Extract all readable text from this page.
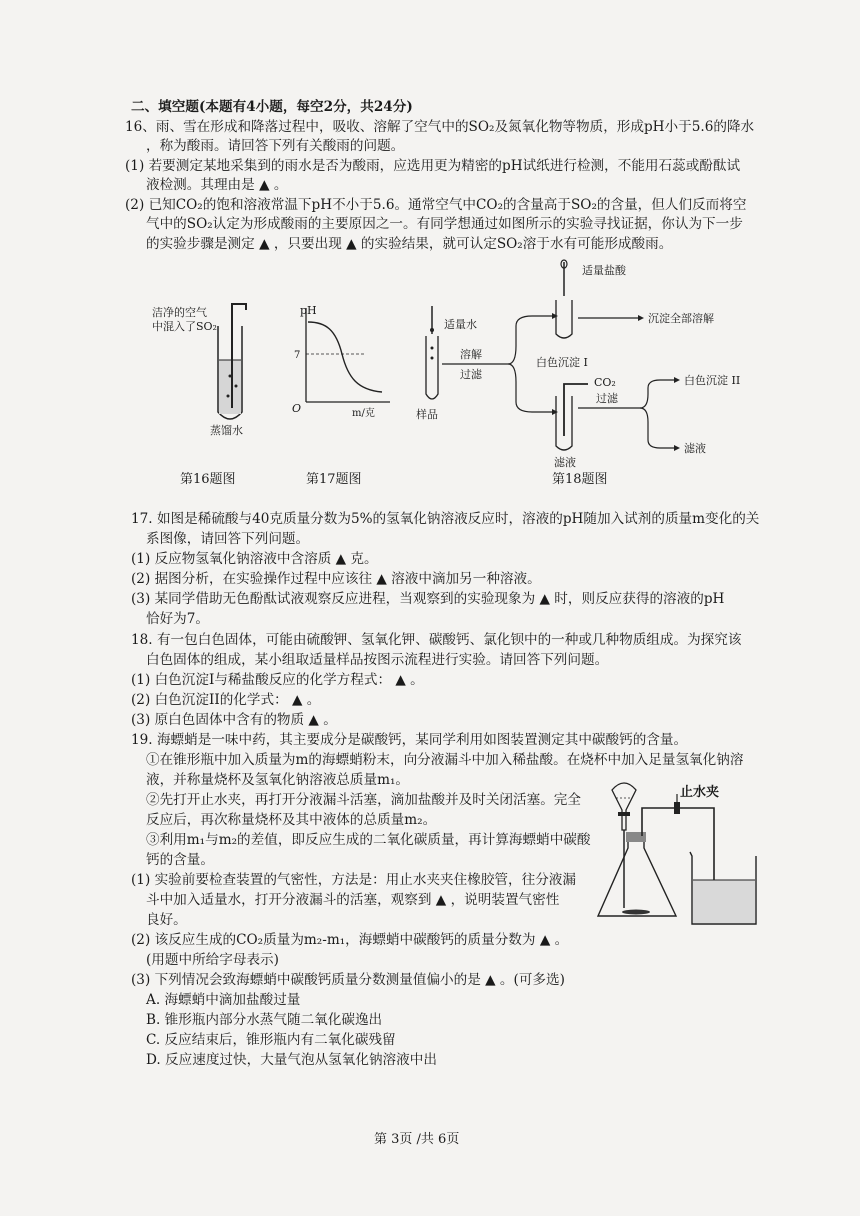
二、填空题(本题有4小题，每空2分，共24分)
16、雨、雪在形成和降落过程中，吸收、溶解了空气中的SO₂及氮氧化物等物质，形成pH小于5.6的降水
，称为酸雨。请回答下列有关酸雨的问题。
(1) 若要测定某地采集到的雨水是否为酸雨，应选用更为精密的pH试纸进行检测，不能用石蕊或酚酞试
液检测。其理由是 ▲ 。
(2) 已知CO₂的饱和溶液常温下pH不小于5.6。通常空气中CO₂的含量高于SO₂的含量，但人们反而将空
气中的SO₂认定为形成酸雨的主要原因之一。有同学想通过如图所示的实验寻找证据，你认为下一步
的实验步骤是测定 ▲ ，只要出现 ▲ 的实验结果，就可认定SO₂溶于水有可能形成酸雨。
洁净的空气
中混入了SO₂
蒸馏水
pH
7
O	m/克
适量水
样品
溶解
过滤
适量盐酸
白色沉淀 I
沉淀全部溶解
CO₂
滤液
过滤
白色沉淀 II
滤液
第16题图	第17题图	第18题图
17. 如图是稀硫酸与40克质量分数为5%的氢氧化钠溶液反应时，溶液的pH随加入试剂的质量m变化的关
系图像，请回答下列问题。
(1) 反应物氢氧化钠溶液中含溶质 ▲ 克。
(2) 据图分析，在实验操作过程中应该往 ▲ 溶液中滴加另一种溶液。
(3) 某同学借助无色酚酞试液观察反应进程，当观察到的实验现象为 ▲ 时，则反应获得的溶液的pH
恰好为7。
18. 有一包白色固体，可能由硫酸钾、氢氧化钾、碳酸钙、氯化钡中的一种或几种物质组成。为探究该
白色固体的组成，某小组取适量样品按图示流程进行实验。请回答下列问题。
(1) 白色沉淀I与稀盐酸反应的化学方程式： ▲ 。
(2) 白色沉淀II的化学式： ▲ 。
(3) 原白色固体中含有的物质 ▲ 。
19. 海螵蛸是一味中药，其主要成分是碳酸钙，某同学利用如图装置测定其中碳酸钙的含量。
①在锥形瓶中加入质量为m的海螵蛸粉末，向分液漏斗中加入稀盐酸。在烧杯中加入足量氢氧化钠溶
液，并称量烧杯及氢氧化钠溶液总质量m₁。
②先打开止水夹，再打开分液漏斗活塞，滴加盐酸并及时关闭活塞。完全
反应后，再次称量烧杯及其中液体的总质量m₂。
③利用m₁与m₂的差值，即反应生成的二氧化碳质量，再计算海螵蛸中碳酸
钙的含量。
(1) 实验前要检查装置的气密性，方法是：用止水夹夹住橡胶管，往分液漏
斗中加入适量水，打开分液漏斗的活塞，观察到 ▲ ，说明装置气密性
良好。
(2) 该反应生成的CO₂质量为m₂-m₁，海螵蛸中碳酸钙的质量分数为 ▲ 。
(用题中所给字母表示)
(3) 下列情况会致海螵蛸中碳酸钙质量分数测量值偏小的是 ▲ 。(可多选)
A. 海螵蛸中滴加盐酸过量
B. 锥形瓶内部分水蒸气随二氧化碳逸出
C. 反应结束后，锥形瓶内有二氧化碳残留
D. 反应速度过快，大量气泡从氢氧化钠溶液中出
止水夹
第 3页 /共 6页
